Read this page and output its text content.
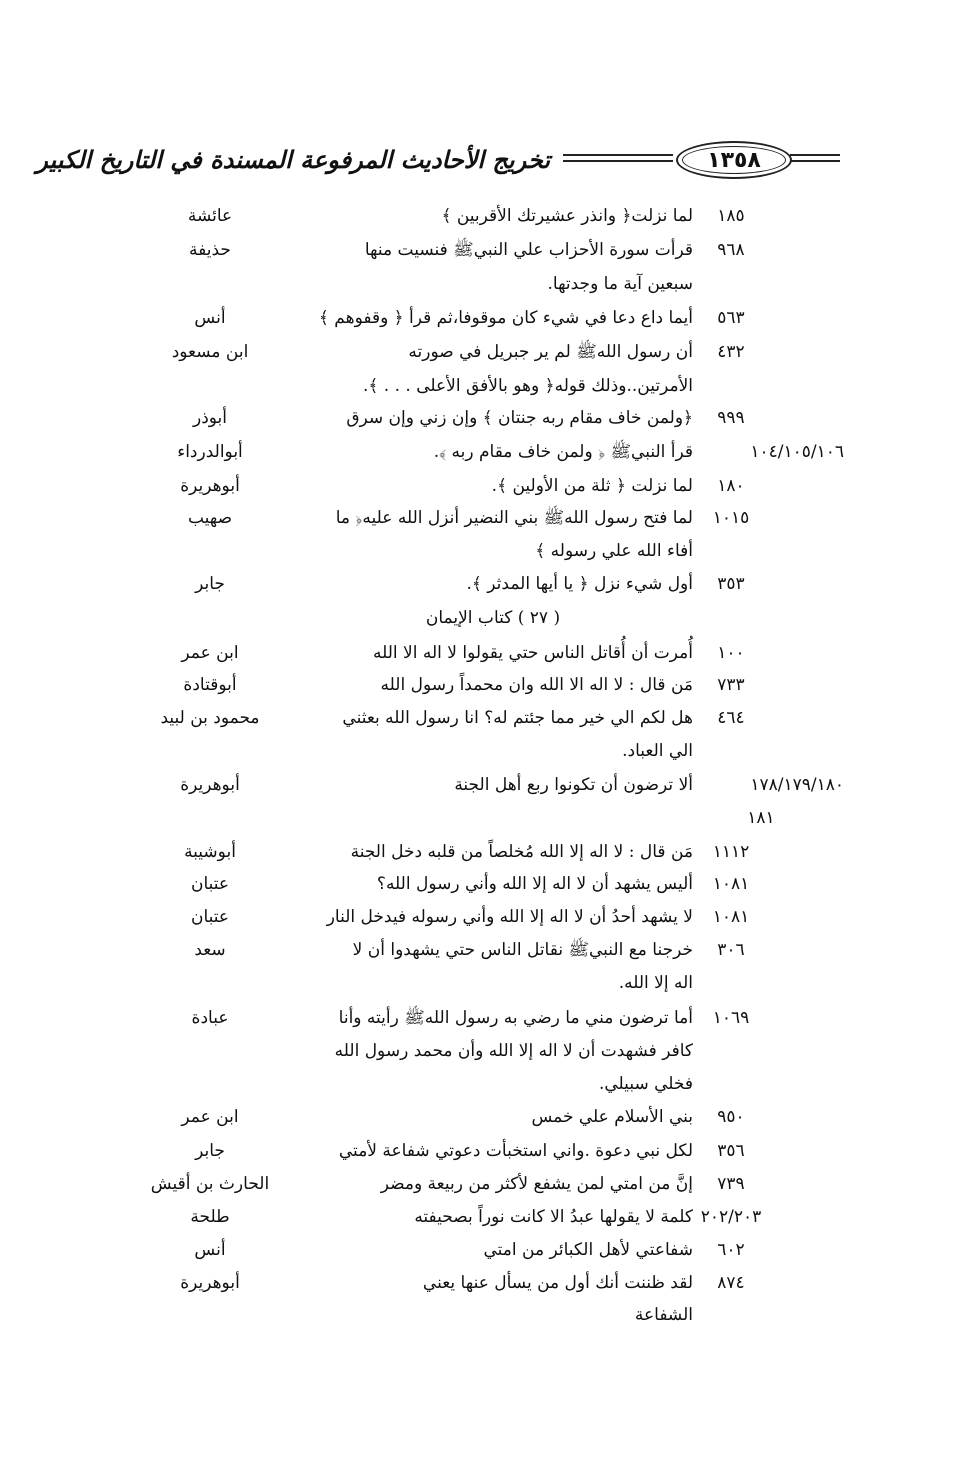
تخريج الأحاديث المرفوعة المسندة في التاريخ الكبير	١٣٥٨
١٨٥
لما نزلت﴿ وانذر عشيرتك الأقربين ﴾
عائشة
٩٦٨
قرأت سورة الأحزاب علي النبيﷺ فنسيت منها
حذيفة
سبعين آية ما وجدتها.
٥٦٣
أيما داع دعا في شيء كان موقوفا،ثم قرأ ﴿ وقفوهم ﴾
أنس
٤٣٢
أن رسول اللهﷺ لم ير جبريل في صورته
ابن مسعود
الأمرتين..وذلك قوله﴿ وهو بالأفق الأعلى . . . ﴾.
٩٩٩
﴿ولمن خاف مقام ربه جنتان ﴾ وإن زني وإن سرق
أبوذر
١٠٤/١٠٥/١٠٦
قرأ النبيﷺ ﴿ ولمن خاف مقام ربه ﴾.
أبوالدرداء
١٨٠
لما نزلت ﴿ ثلة من الأولين ﴾.
أبوهريرة
١٠١٥
لما فتح رسول اللهﷺ بني النضير أنزل الله عليه﴿ ما
صهيب
أفاء الله علي رسوله ﴾
٣٥٣
أول شيء نزل ﴿ يا أيها المدثر ﴾.
جابر
( ٢٧ ) كتاب الإيمان
١٠٠
أُمرت أن أُقاتل الناس حتي يقولوا لا اله الا الله
ابن عمر
٧٣٣
مَن قال : لا اله الا الله وان محمداً رسول الله
أبوقتادة
٤٦٤
هل لكم الي خير مما جئتم له؟ انا رسول الله بعثني
محمود بن لبيد
الي العباد.
١٧٨/١٧٩/١٨٠
ألا ترضون أن تكونوا ربع أهل الجنة
أبوهريرة
١٨١
١١١٢
مَن قال : لا اله إلا الله مُخلصاً من قلبه دخل الجنة
أبوشيبة
١٠٨١
أليس يشهد أن لا اله إلا الله وأني رسول الله؟
عتبان
١٠٨١
لا يشهد أحدُ أن لا اله إلا الله وأني رسوله فيدخل النار
عتبان
٣٠٦
خرجنا مع النبيﷺ نقاتل الناس حتي يشهدوا أن لا
سعد
اله إلا الله.
١٠٦٩
أما ترضون مني ما رضي به رسول اللهﷺ رأيته وأنا
عبادة
كافر فشهدت أن لا اله إلا الله وأن محمد رسول الله
فخلي سبيلي.
٩٥٠
بني الأسلام علي خمس
ابن عمر
٣٥٦
لكل نبي دعوة .واني استخبأت دعوتي شفاعة لأمتي
جابر
٧٣٩
إنَّ من امتي لمن يشفع لأكثر من ربيعة ومضر
الحارث بن أقيش
٢٠٢/٢٠٣
كلمة لا يقولها عبدُ الا كانت نوراً بصحيفته
طلحة
٦٠٢
شفاعتي لأهل الكبائر من امتي
أنس
٨٧٤
لقد ظننت أنك أول من يسأل عنها يعني
أبوهريرة
الشفاعة
